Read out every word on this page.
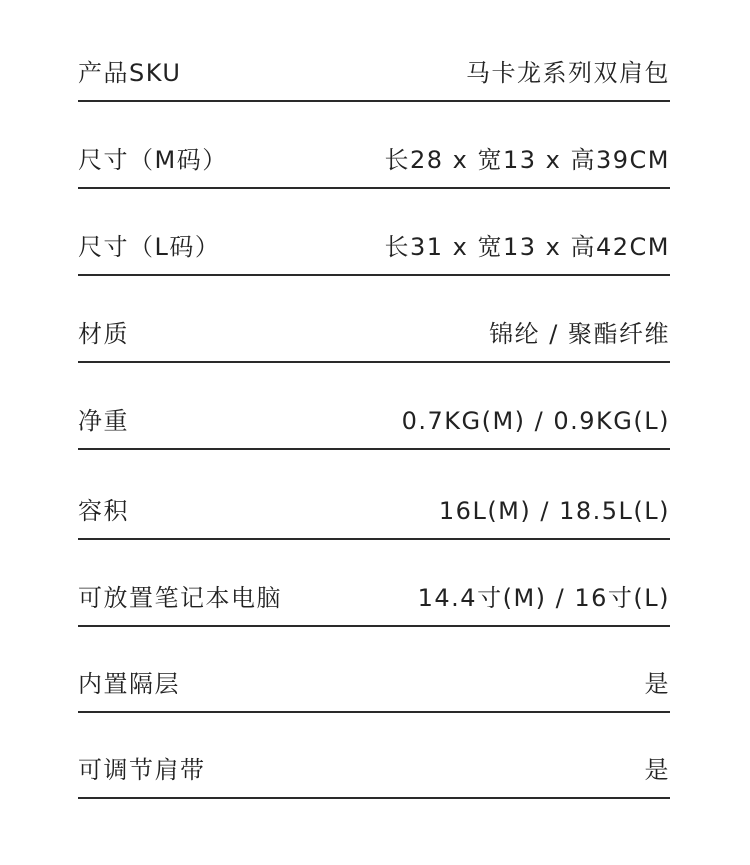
产品SKU	马卡龙系列双肩包
尺寸（M码）	长28 x 宽13 x 高39CM
尺寸（L码）	长31 x 宽13 x 高42CM
材质	锦纶 / 聚酯纤维
净重	0.7KG(M) / 0.9KG(L)
容积	16L(M) / 18.5L(L)
可放置笔记本电脑	14.4寸(M) / 16寸(L)
内置隔层	是
可调节肩带	是
